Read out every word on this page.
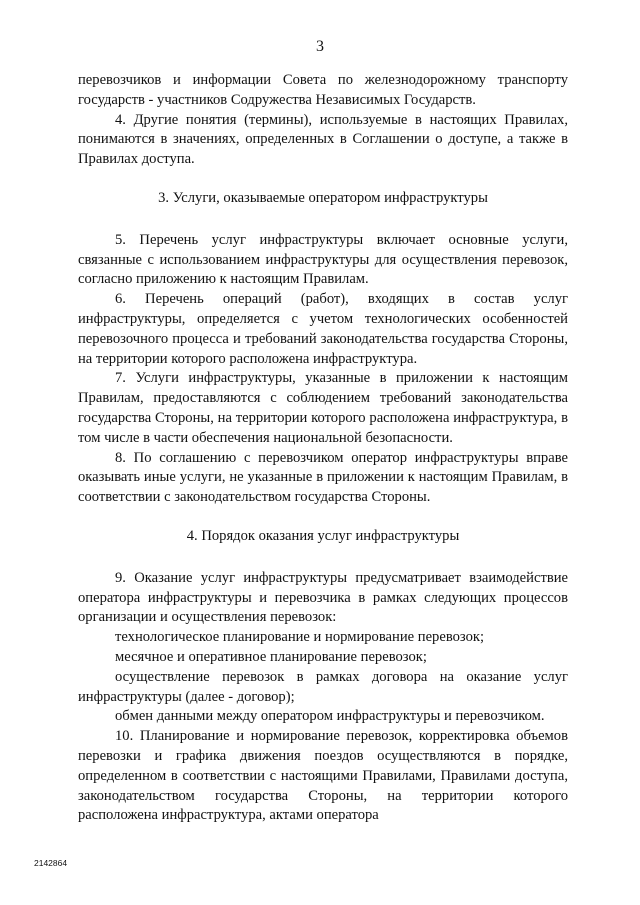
3

перевозчиков и информации Совета по железнодорожному транспорту государств - участников Содружества Независимых Государств.

4. Другие понятия (термины), используемые в настоящих Правилах, понимаются в значениях, определенных в Соглашении о доступе, а также в Правилах доступа.

3. Услуги, оказываемые оператором инфраструктуры

5. Перечень услуг инфраструктуры включает основные услуги, связанные с использованием инфраструктуры для осуществления перевозок, согласно приложению к настоящим Правилам.

6. Перечень операций (работ), входящих в состав услуг инфраструктуры, определяется с учетом технологических особенностей перевозочного процесса и требований законодательства государства Стороны, на территории которого расположена инфраструктура.

7. Услуги инфраструктуры, указанные в приложении к настоящим Правилам, предоставляются с соблюдением требований законодательства государства Стороны, на территории которого расположена инфраструктура, в том числе в части обеспечения национальной безопасности.

8. По соглашению с перевозчиком оператор инфраструктуры вправе оказывать иные услуги, не указанные в приложении к настоящим Правилам, в соответствии с законодательством государства Стороны.

4. Порядок оказания услуг инфраструктуры

9. Оказание услуг инфраструктуры предусматривает взаимодействие оператора инфраструктуры и перевозчика в рамках следующих процессов организации и осуществления перевозок:

технологическое планирование и нормирование перевозок;

месячное и оперативное планирование перевозок;

осуществление перевозок в рамках договора на оказание услуг инфраструктуры (далее - договор);

обмен данными между оператором инфраструктуры и перевозчиком.

10. Планирование и нормирование перевозок, корректировка объемов перевозки и графика движения поездов осуществляются в порядке, определенном в соответствии с настоящими Правилами, Правилами доступа, законодательством государства Стороны, на территории которого расположена инфраструктура, актами оператора

2142864
